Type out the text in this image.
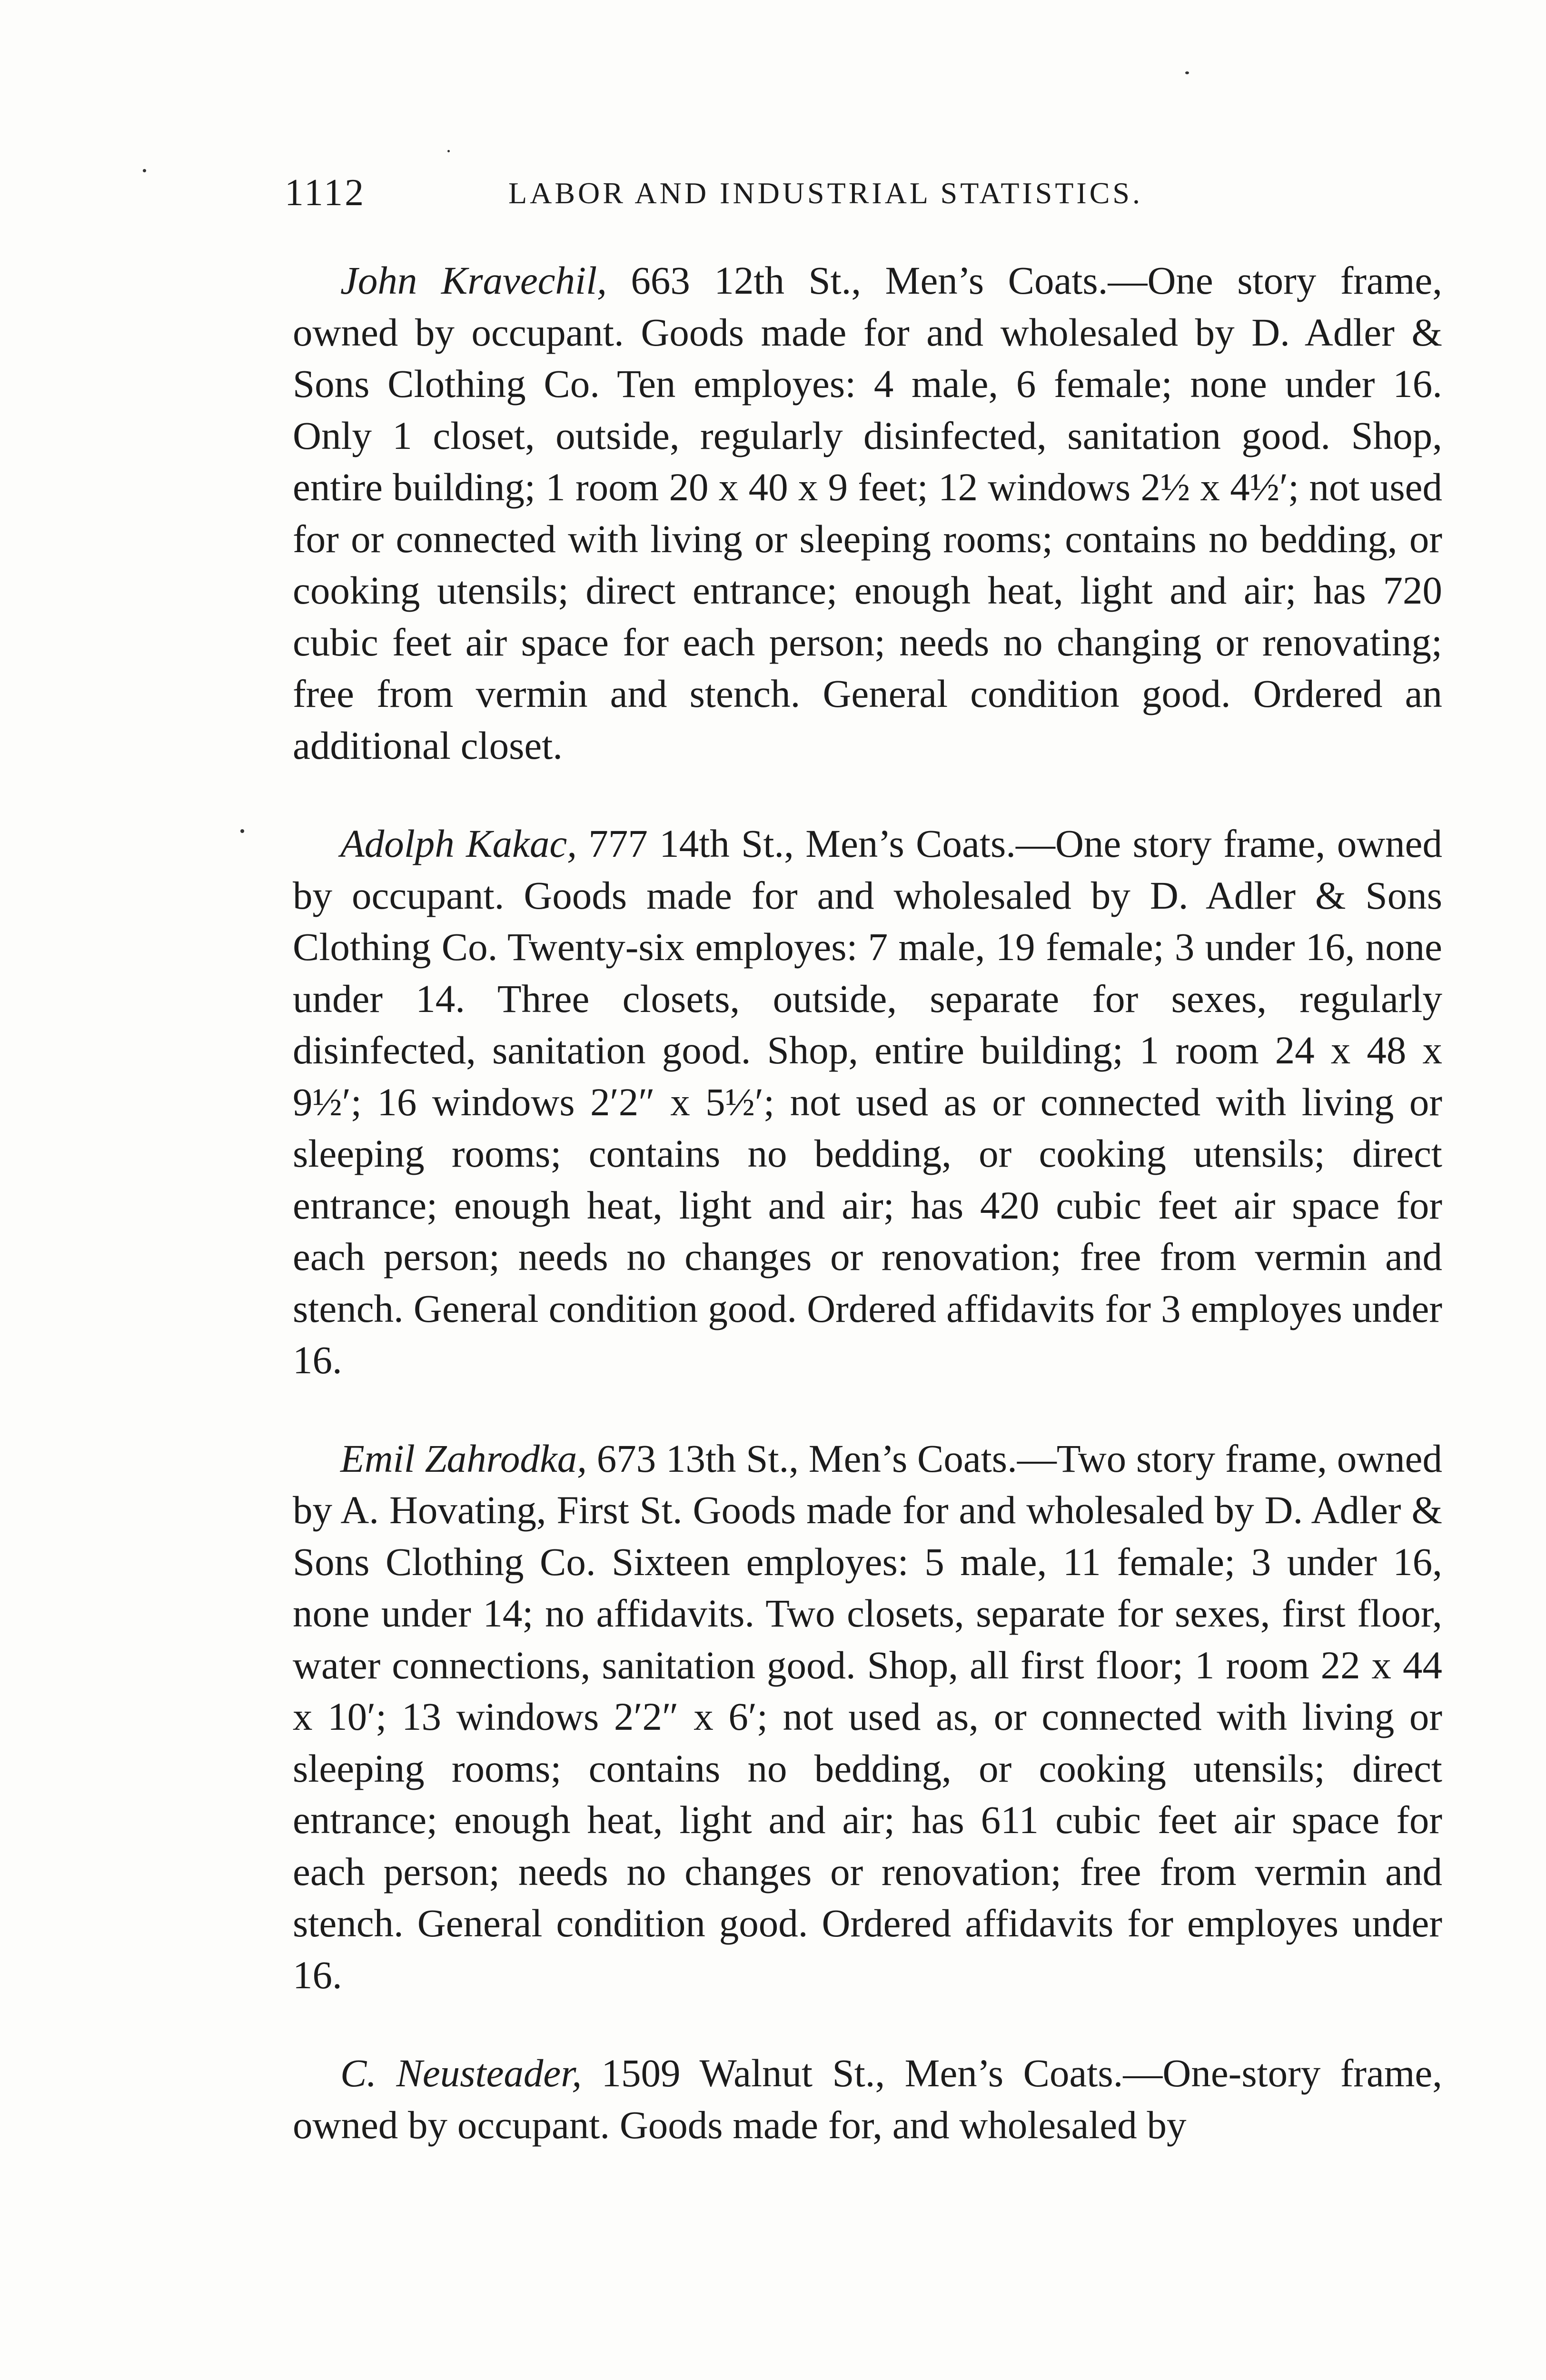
1112	LABOR AND INDUSTRIAL STATISTICS.

John Kravechil, 663 12th St., Men’s Coats.—One story frame, owned by occupant. Goods made for and wholesaled by D. Adler & Sons Clothing Co. Ten employes: 4 male, 6 female; none under 16. Only 1 closet, outside, regularly disinfected, sanitation good. Shop, entire building; 1 room 20 x 40 x 9 feet; 12 windows 2½ x 4½′; not used for or connected with living or sleeping rooms; contains no bedding, or cooking utensils; direct entrance; enough heat, light and air; has 720 cubic feet air space for each person; needs no changing or renovating; free from vermin and stench. General condition good. Ordered an additional closet.

Adolph Kakac, 777 14th St., Men’s Coats.—One story frame, owned by occupant. Goods made for and wholesaled by D. Adler & Sons Clothing Co. Twenty-six employes: 7 male, 19 female; 3 under 16, none under 14. Three closets, outside, separate for sexes, regularly disinfected, sanitation good. Shop, entire building; 1 room 24 x 48 x 9½′; 16 windows 2′2″ x 5½′; not used as or connected with living or sleeping rooms; contains no bedding, or cooking utensils; direct entrance; enough heat, light and air; has 420 cubic feet air space for each person; needs no changes or renovation; free from vermin and stench. General condition good. Ordered affidavits for 3 employes under 16.

Emil Zahrodka, 673 13th St., Men’s Coats.—Two story frame, owned by A. Hovating, First St. Goods made for and wholesaled by D. Adler & Sons Clothing Co. Sixteen employes: 5 male, 11 female; 3 under 16, none under 14; no affidavits. Two closets, separate for sexes, first floor, water connections, sanitation good. Shop, all first floor; 1 room 22 x 44 x 10′; 13 windows 2′2″ x 6′; not used as, or connected with living or sleeping rooms; contains no bedding, or cooking utensils; direct entrance; enough heat, light and air; has 611 cubic feet air space for each person; needs no changes or renovation; free from vermin and stench. General condition good. Ordered affidavits for employes under 16.

C. Neusteader, 1509 Walnut St., Men’s Coats.—One-story frame, owned by occupant. Goods made for, and wholesaled by
